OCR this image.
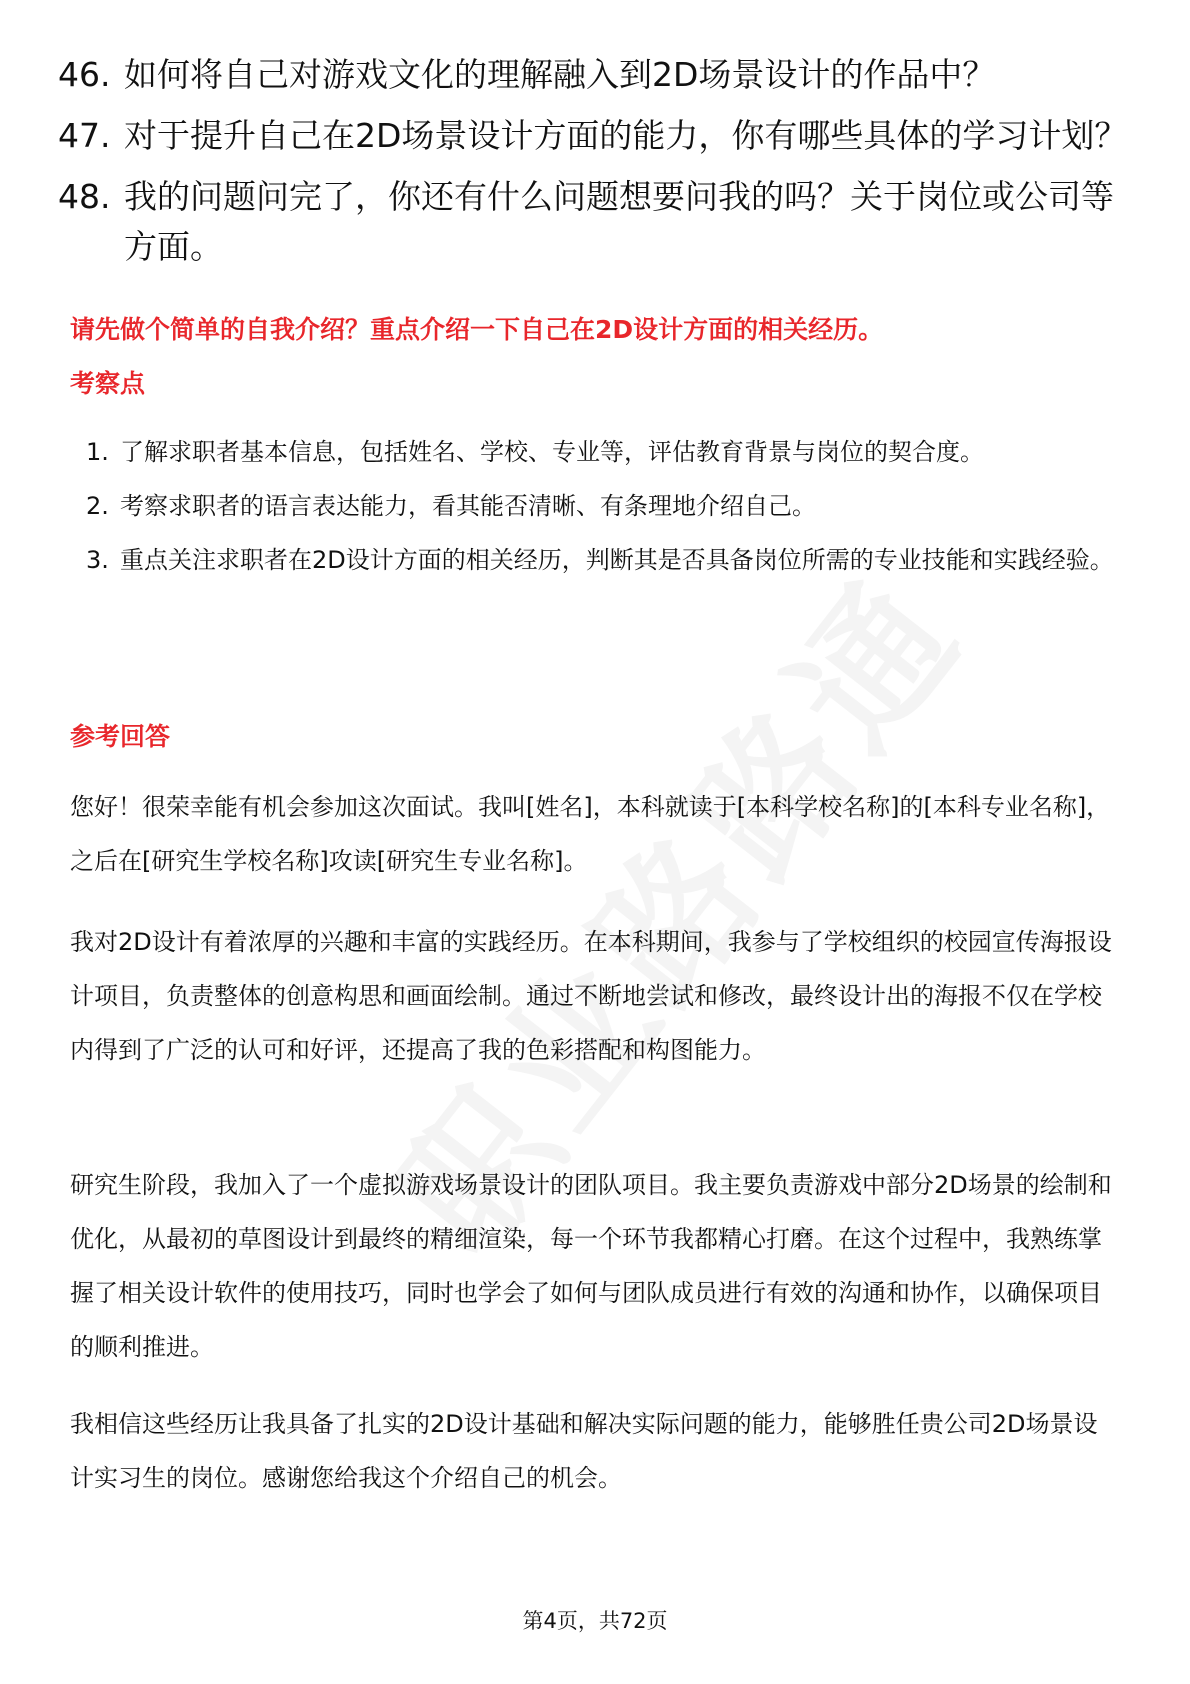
46. 如何将自己对游戏文化的理解融入到2D场景设计的作品中？
47. 对于提升自己在2D场景设计方面的能力，你有哪些具体的学习计划？
48. 我的问题问完了，你还有什么问题想要问我的吗？关于岗位或公司等方面。
请先做个简单的自我介绍？重点介绍一下自己在2D设计方面的相关经历。
考察点
1. 了解求职者基本信息，包括姓名、学校、专业等，评估教育背景与岗位的契合度。
2. 考察求职者的语言表达能力，看其能否清晰、有条理地介绍自己。
3. 重点关注求职者在2D设计方面的相关经历，判断其是否具备岗位所需的专业技能和实践经验。
参考回答

您好！很荣幸能有机会参加这次面试。我叫[姓名]，本科就读于[本科学校名称]的[本科专业名称]，之后在[研究生学校名称]攻读[研究生专业名称]。

我对2D设计有着浓厚的兴趣和丰富的实践经历。在本科期间，我参与了学校组织的校园宣传海报设计项目，负责整体的创意构思和画面绘制。通过不断地尝试和修改，最终设计出的海报不仅在学校内得到了广泛的认可和好评，还提高了我的色彩搭配和构图能力。

研究生阶段，我加入了一个虚拟游戏场景设计的团队项目。我主要负责游戏中部分2D场景的绘制和优化，从最初的草图设计到最终的精细渲染，每一个环节我都精心打磨。在这个过程中，我熟练掌握了相关设计软件的使用技巧，同时也学会了如何与团队成员进行有效的沟通和协作，以确保项目的顺利推进。

我相信这些经历让我具备了扎实的2D设计基础和解决实际问题的能力，能够胜任贵公司2D场景设计实习生的岗位。感谢您给我这个介绍自己的机会。

第4页，共72页
